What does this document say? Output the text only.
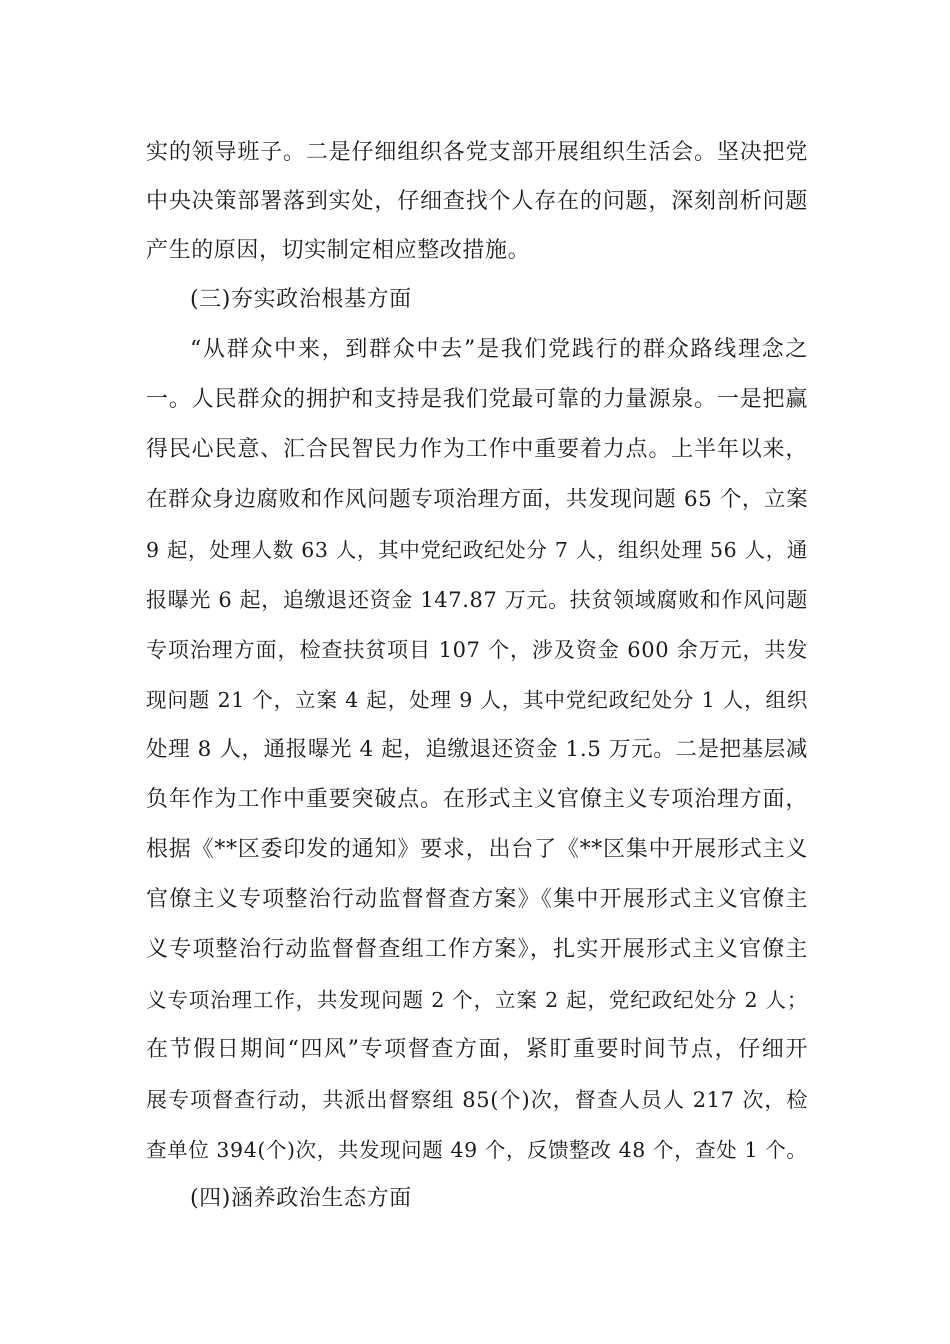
实的领导班子。二是仔细组织各党支部开展组织生活会。坚决把党
中央决策部署落到实处，仔细查找个人存在的问题，深刻剖析问题
产生的原因，切实制定相应整改措施。
(三)夯实政治根基方面
“从群众中来，到群众中去”是我们党践行的群众路线理念之
一。人民群众的拥护和支持是我们党最可靠的力量源泉。一是把赢
得民心民意、汇合民智民力作为工作中重要着力点。上半年以来，
在群众身边腐败和作风问题专项治理方面，共发现问题 65 个，立案
9 起，处理人数 63 人，其中党纪政纪处分 7 人，组织处理 56 人，通
报曝光 6 起，追缴退还资金 147.87 万元。扶贫领域腐败和作风问题
专项治理方面，检查扶贫项目 107 个，涉及资金 600 余万元，共发
现问题 21 个，立案 4 起，处理 9 人，其中党纪政纪处分 1 人，组织
处理 8 人，通报曝光 4 起，追缴退还资金 1.5 万元。二是把基层减
负年作为工作中重要突破点。在形式主义官僚主义专项治理方面，
根据《**区委印发的通知》要求，出台了《**区集中开展形式主义
官僚主义专项整治行动监督督查方案》《集中开展形式主义官僚主
义专项整治行动监督督查组工作方案》，扎实开展形式主义官僚主
义专项治理工作，共发现问题 2 个，立案 2 起，党纪政纪处分 2 人；
在节假日期间“四风”专项督查方面，紧盯重要时间节点，仔细开
展专项督查行动，共派出督察组 85(个)次，督查人员人 217 次，检
查单位 394(个)次，共发现问题 49 个，反馈整改 48 个，查处 1 个。
(四)涵养政治生态方面
